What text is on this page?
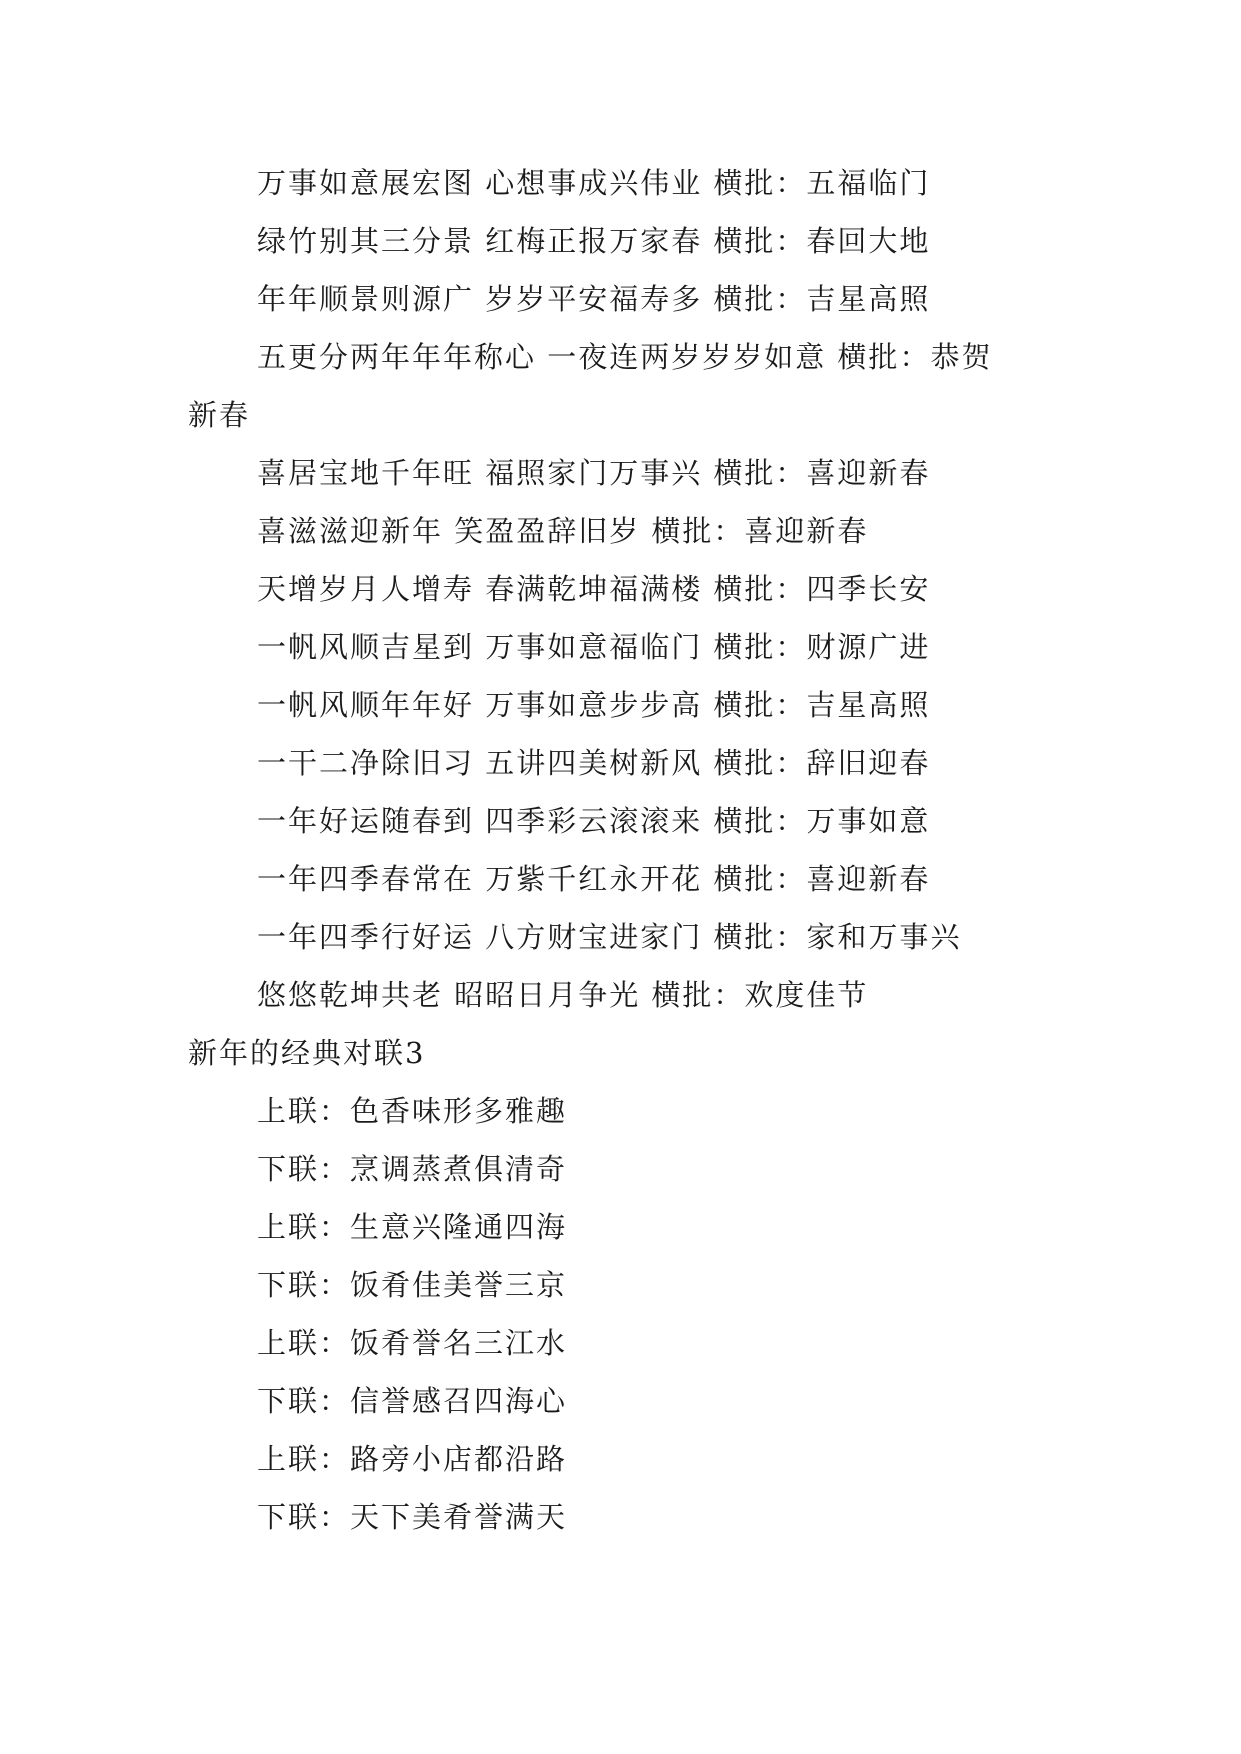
万事如意展宏图 心想事成兴伟业 横批：五福临门
绿竹别其三分景 红梅正报万家春 横批：春回大地
年年顺景则源广 岁岁平安福寿多 横批：吉星高照
五更分两年年年称心 一夜连两岁岁岁如意 横批：恭贺
新春
喜居宝地千年旺 福照家门万事兴 横批：喜迎新春
喜滋滋迎新年 笑盈盈辞旧岁 横批：喜迎新春
天增岁月人增寿 春满乾坤福满楼 横批：四季长安
一帆风顺吉星到 万事如意福临门 横批：财源广进
一帆风顺年年好 万事如意步步高 横批：吉星高照
一干二净除旧习 五讲四美树新风 横批：辞旧迎春
一年好运随春到 四季彩云滚滚来 横批：万事如意
一年四季春常在 万紫千红永开花 横批：喜迎新春
一年四季行好运 八方财宝进家门 横批：家和万事兴
悠悠乾坤共老 昭昭日月争光 横批：欢度佳节
新年的经典对联3
上联：色香味形多雅趣
下联：烹调蒸煮俱清奇
上联：生意兴隆通四海
下联：饭肴佳美誉三京
上联：饭肴誉名三江水
下联：信誉感召四海心
上联：路旁小店都沿路
下联：天下美肴誉满天
